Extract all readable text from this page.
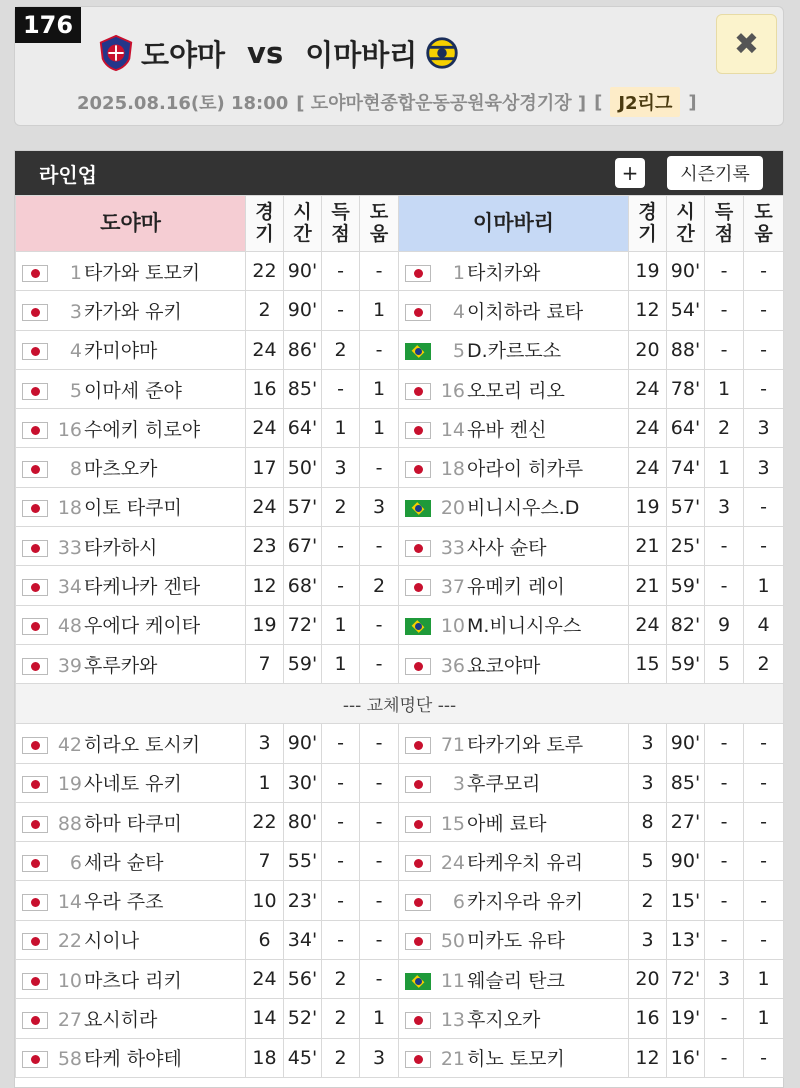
176
도야마 vs 이마바리
2025.08.16(토) 18:00 [ 도야마현종합운동공원육상경기장 ] [ J2리그 ]
✖
라인업	+	시즌기록
도야마	경기	시간	득점	도움	이마바리	경기	시간	득점	도움
1 타가와 토모키	22	90'	-	-	1 타치카와	19	90'	-	-
3 카가와 유키	2	90'	-	1	4 이치하라 료타	12	54'	-	-
4 카미야마	24	86'	2	-	5 D.카르도소	20	88'	-	-
5 이마세 준야	16	85'	-	1	16 오모리 리오	24	78'	1	-
16 수에키 히로야	24	64'	1	1	14 유바 켄신	24	64'	2	3
8 마츠오카	17	50'	3	-	18 아라이 히카루	24	74'	1	3
18 이토 타쿠미	24	57'	2	3	20 비니시우스.D	19	57'	3	-
33 타카하시	23	67'	-	-	33 사사 슌타	21	25'	-	-
34 타케나카 겐타	12	68'	-	2	37 유메키 레이	21	59'	-	1
48 우에다 케이타	19	72'	1	-	10 M.비니시우스	24	82'	9	4
39 후루카와	7	59'	1	-	36 요코야마	15	59'	5	2
--- 교체명단 ---									
42 히라오 토시키	3	90'	-	-	71 타카기와 토루	3	90'	-	-
19 사네토 유키	1	30'	-	-	3 후쿠모리	3	85'	-	-
88 하마 타쿠미	22	80'	-	-	15 아베 료타	8	27'	-	-
6 세라 슌타	7	55'	-	-	24 타케우치 유리	5	90'	-	-
14 우라 주조	10	23'	-	-	6 카지우라 유키	2	15'	-	-
22 시이나	6	34'	-	-	50 미카도 유타	3	13'	-	-
10 마츠다 리키	24	56'	2	-	11 웨슬리 탄크	20	72'	3	1
27 요시히라	14	52'	2	1	13 후지오카	16	19'	-	1
58 타케 하야테	18	45'	2	3	21 히노 토모키	12	16'	-	-
